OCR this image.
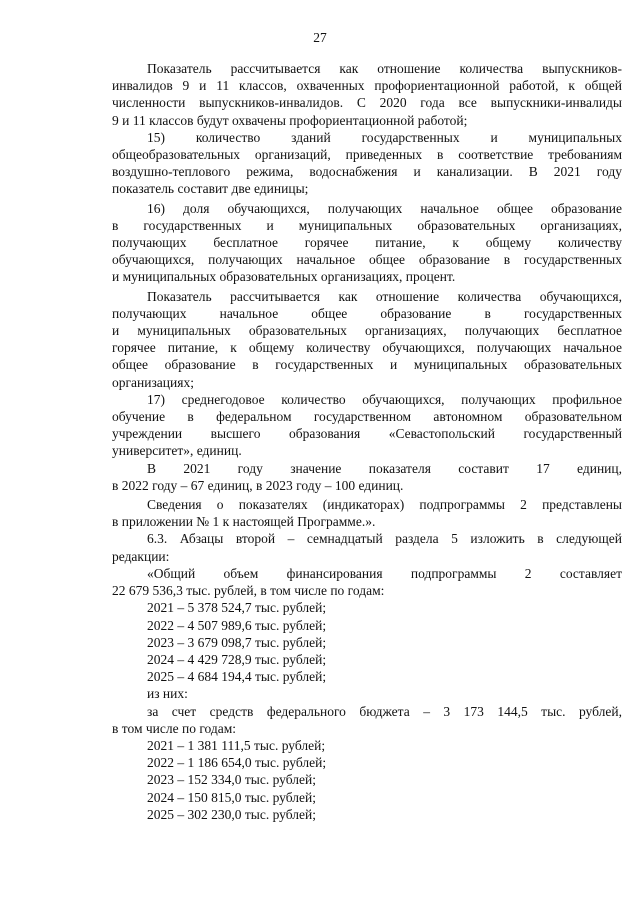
27
Показатель рассчитывается как отношение количества выпускников-
инвалидов 9 и 11 классов, охваченных профориентационной работой, к общей
численности выпускников-инвалидов. С 2020 года все выпускники-инвалиды
9 и 11 классов будут охвачены профориентационной работой;
15) количество зданий государственных и муниципальных
общеобразовательных организаций, приведенных в соответствие требованиям
воздушно-теплового режима, водоснабжения и канализации. В 2021 году
показатель составит две единицы;
16) доля обучающихся, получающих начальное общее образование
в государственных и муниципальных образовательных организациях,
получающих бесплатное горячее питание, к общему количеству
обучающихся, получающих начальное общее образование в государственных
и муниципальных образовательных организациях, процент.
Показатель рассчитывается как отношение количества обучающихся,
получающих начальное общее образование в государственных
и муниципальных образовательных организациях, получающих бесплатное
горячее питание, к общему количеству обучающихся, получающих начальное
общее образование в государственных и муниципальных образовательных
организациях;
17) среднегодовое количество обучающихся, получающих профильное
обучение в федеральном государственном автономном образовательном
учреждении высшего образования «Севастопольский государственный
университет», единиц.
В 2021 году значение показателя составит 17 единиц,
в 2022 году – 67 единиц, в 2023 году – 100 единиц.
Сведения о показателях (индикаторах) подпрограммы 2 представлены
в приложении № 1 к настоящей Программе.».
6.3. Абзацы второй – семнадцатый раздела 5 изложить в следующей
редакции:
«Общий объем финансирования подпрограммы 2 составляет
22 679 536,3 тыс. рублей, в том числе по годам:
2021 – 5 378 524,7 тыс. рублей;
2022 – 4 507 989,6 тыс. рублей;
2023 – 3 679 098,7 тыс. рублей;
2024 – 4 429 728,9 тыс. рублей;
2025 – 4 684 194,4 тыс. рублей;
из них:
за счет средств федерального бюджета – 3 173 144,5 тыс. рублей,
в том числе по годам:
2021 – 1 381 111,5 тыс. рублей;
2022 – 1 186 654,0 тыс. рублей;
2023 – 152 334,0 тыс. рублей;
2024 – 150 815,0 тыс. рублей;
2025 – 302 230,0 тыс. рублей;
